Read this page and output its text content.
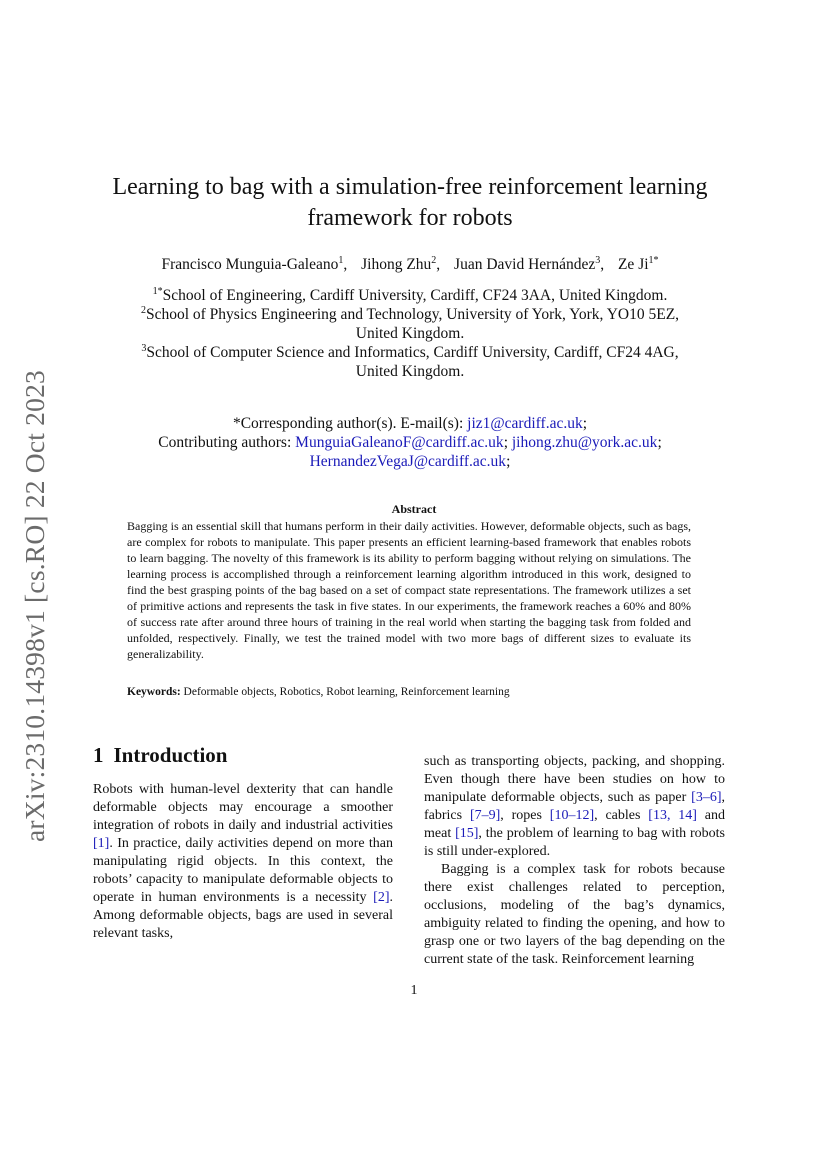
arXiv:2310.14398v1 [cs.RO] 22 Oct 2023
Learning to bag with a simulation-free reinforcement learning
framework for robots
Francisco Munguia-Galeano$^1$, Jihong Zhu$^2$, Juan David Hernández$^3$, Ze $Ji^{1*}$

$^{1*}$School of Engineering, Cardiff University, Cardiff, CF24 3AA, United Kingdom.

$^2$School of Physics Engineering and Technology, University of York, York, YO10 5EZ,
United Kingdom.

$^3$School of Computer Science and Informatics, Cardiff University, Cardiff, CF24 4AG,
United Kingdom.

*Corresponding author(s). E-mail(s): jiz1@cardiff.ac.uk;

Contributing authors: MunguiaGaleanoF@cardiff.ac.uk; jihong.zhu@york.ac.uk;

HernandezVegaJ@cardiff.ac.uk;

Abstract

Bagging is an essential skill that humans perform in their daily activities. However, deformable objects, such as bags, are complex for robots to manipulate. This paper presents an efficient learning-based framework that enables robots to learn bagging. The novelty of this framework is its ability to perform bagging without relying on simulations. The learning process is accomplished through a reinforcement learning algorithm introduced in this work, designed to find the best grasping points of the bag based on a set of compact state representations. The framework utilizes a set of primitive actions and represents the task in five states. In our experiments, the framework reaches a 60% and 80% of success rate after around three hours of training in the real world when starting the bagging task from folded and unfolded, respectively. Finally, we test the trained model with two more bags of different sizes to evaluate its generalizability.

Keywords: Deformable objects, Robotics, Robot learning, Reinforcement learning
1 Introduction

Robots with human-level dexterity that can handle deformable objects may encourage a smoother integration of robots in daily and industrial activities [1]. In practice, daily activities depend on more than manipulating rigid objects. In this context, the robots’ capacity to manipulate deformable objects to operate in human environments is a necessity [2]. Among deformable objects, bags are used in several relevant tasks,

such as transporting objects, packing, and shopping. Even though there have been studies on how to manipulate deformable objects, such as paper [3–6], fabrics [7–9], ropes [10–12], cables [13, 14] and meat [15], the problem of learning to bag with robots is still under-explored.

Bagging is a complex task for robots because there exist challenges related to perception, occlusions, modeling of the bag’s dynamics, ambiguity related to finding the opening, and how to grasp one or two layers of the bag depending on the current state of the task. Reinforcement learning

1
